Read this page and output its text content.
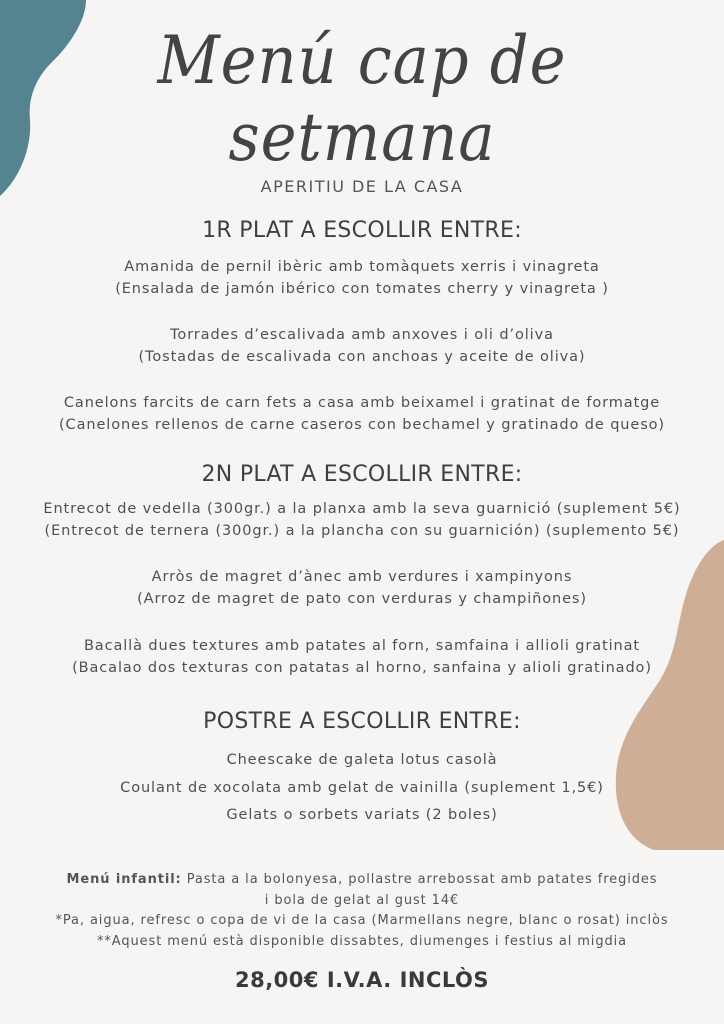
Menú cap de setmana
APERITIU DE LA CASA
1R PLAT A ESCOLLIR ENTRE:
Amanida de pernil ibèric amb tomàquets xerris i vinagreta
(Ensalada de jamón ibérico con tomates cherry y vinagreta )
Torrades d’escalivada amb anxoves i oli d’oliva
(Tostadas de escalivada con anchoas y aceite de oliva)
Canelons farcits de carn fets a casa amb beixamel i gratinat de formatge
(Canelones rellenos de carne caseros con bechamel y gratinado de queso)
2N PLAT A ESCOLLIR ENTRE:
Entrecot de vedella (300gr.) a la planxa amb la seva guarnició (suplement 5€)
(Entrecot de ternera (300gr.) a la plancha con su guarnición) (suplemento 5€)
Arròs de magret d’ànec amb verdures i xampinyons
(Arroz de magret de pato con verduras y champiñones)
Bacallà dues textures amb patates al forn, samfaina i allioli gratinat
(Bacalao dos texturas con patatas al horno, sanfaina y alioli gratinado)
POSTRE A ESCOLLIR ENTRE:
Cheescake de galeta lotus casolà
Coulant de xocolata amb gelat de vainilla (suplement 1,5€)
Gelats o sorbets variats (2 boles)
Menú infantil: Pasta a la bolonyesa, pollastre arrebossat amb patates fregides
i bola de gelat al gust 14€
*Pa, aigua, refresc o copa de vi de la casa (Marmellans negre, blanc o rosat) inclòs
**Aquest menú està disponible dissabtes, diumenges i festius al migdia
28,00€ I.V.A. INCLÒS
